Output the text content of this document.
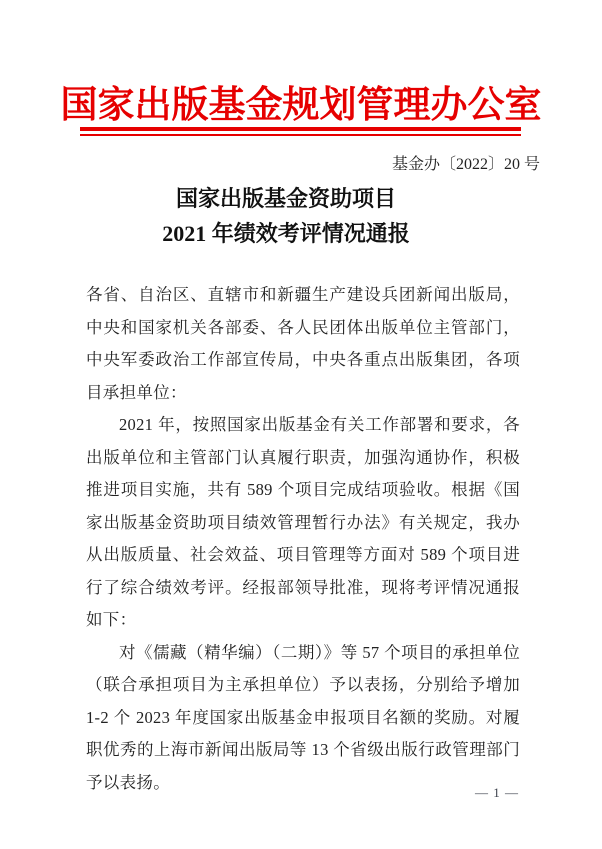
国家出版基金规划管理办公室
基金办〔2022〕20 号
国家出版基金资助项目
2021 年绩效考评情况通报

各省、自治区、直辖市和新疆生产建设兵团新闻出版局，中央和国家机关各部委、各人民团体出版单位主管部门，中央军委政治工作部宣传局，中央各重点出版集团，各项目承担单位：

2021 年，按照国家出版基金有关工作部署和要求，各出版单位和主管部门认真履行职责，加强沟通协作，积极推进项目实施，共有 589 个项目完成结项验收。根据《国家出版基金资助项目绩效管理暂行办法》有关规定，我办从出版质量、社会效益、项目管理等方面对 589 个项目进行了综合绩效考评。经报部领导批准，现将考评情况通报如下：

对《儒藏（精华编）（二期）》等 57 个项目的承担单位（联合承担项目为主承担单位）予以表扬，分别给予增加 1-2 个 2023 年度国家出版基金申报项目名额的奖励。对履职优秀的上海市新闻出版局等 13 个省级出版行政管理部门予以表扬。

— 1 —
